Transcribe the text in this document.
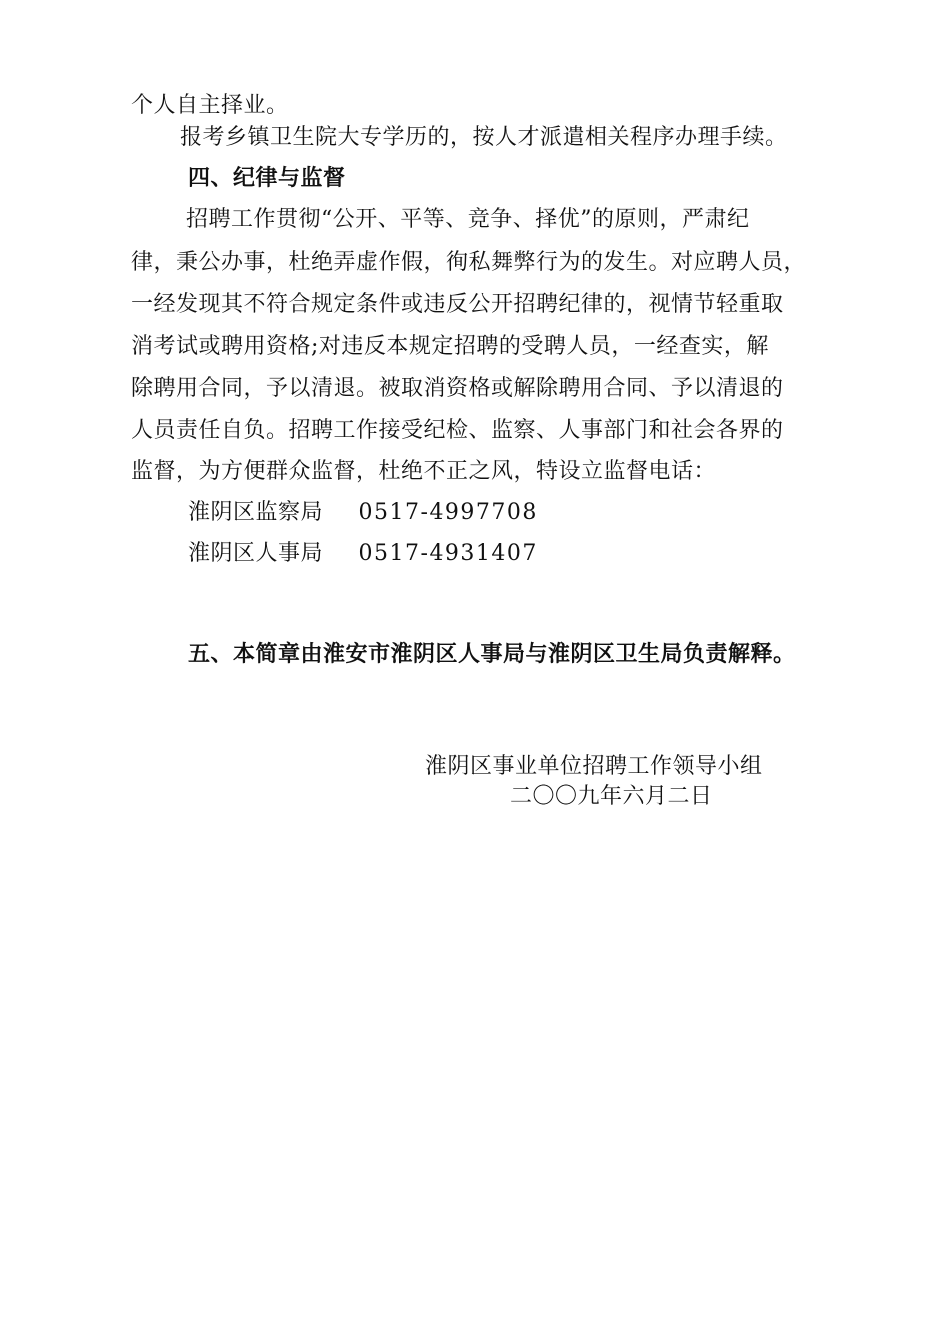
个人自主择业。
报考乡镇卫生院大专学历的，按人才派遣相关程序办理手续。
四、纪律与监督
招聘工作贯彻“公开、平等、竞争、择优”的原则，严肃纪
律，秉公办事，杜绝弄虚作假，徇私舞弊行为的发生。对应聘人员，
一经发现其不符合规定条件或违反公开招聘纪律的，视情节轻重取
消考试或聘用资格;对违反本规定招聘的受聘人员，一经查实，解
除聘用合同，予以清退。被取消资格或解除聘用合同、予以清退的
人员责任自负。招聘工作接受纪检、监察、人事部门和社会各界的
监督，为方便群众监督，杜绝不正之风，特设立监督电话：
淮阴区监察局 0517-4997708
淮阴区人事局 0517-4931407
五、本简章由淮安市淮阴区人事局与淮阴区卫生局负责解释。
淮阴区事业单位招聘工作领导小组
二〇〇九年六月二日
